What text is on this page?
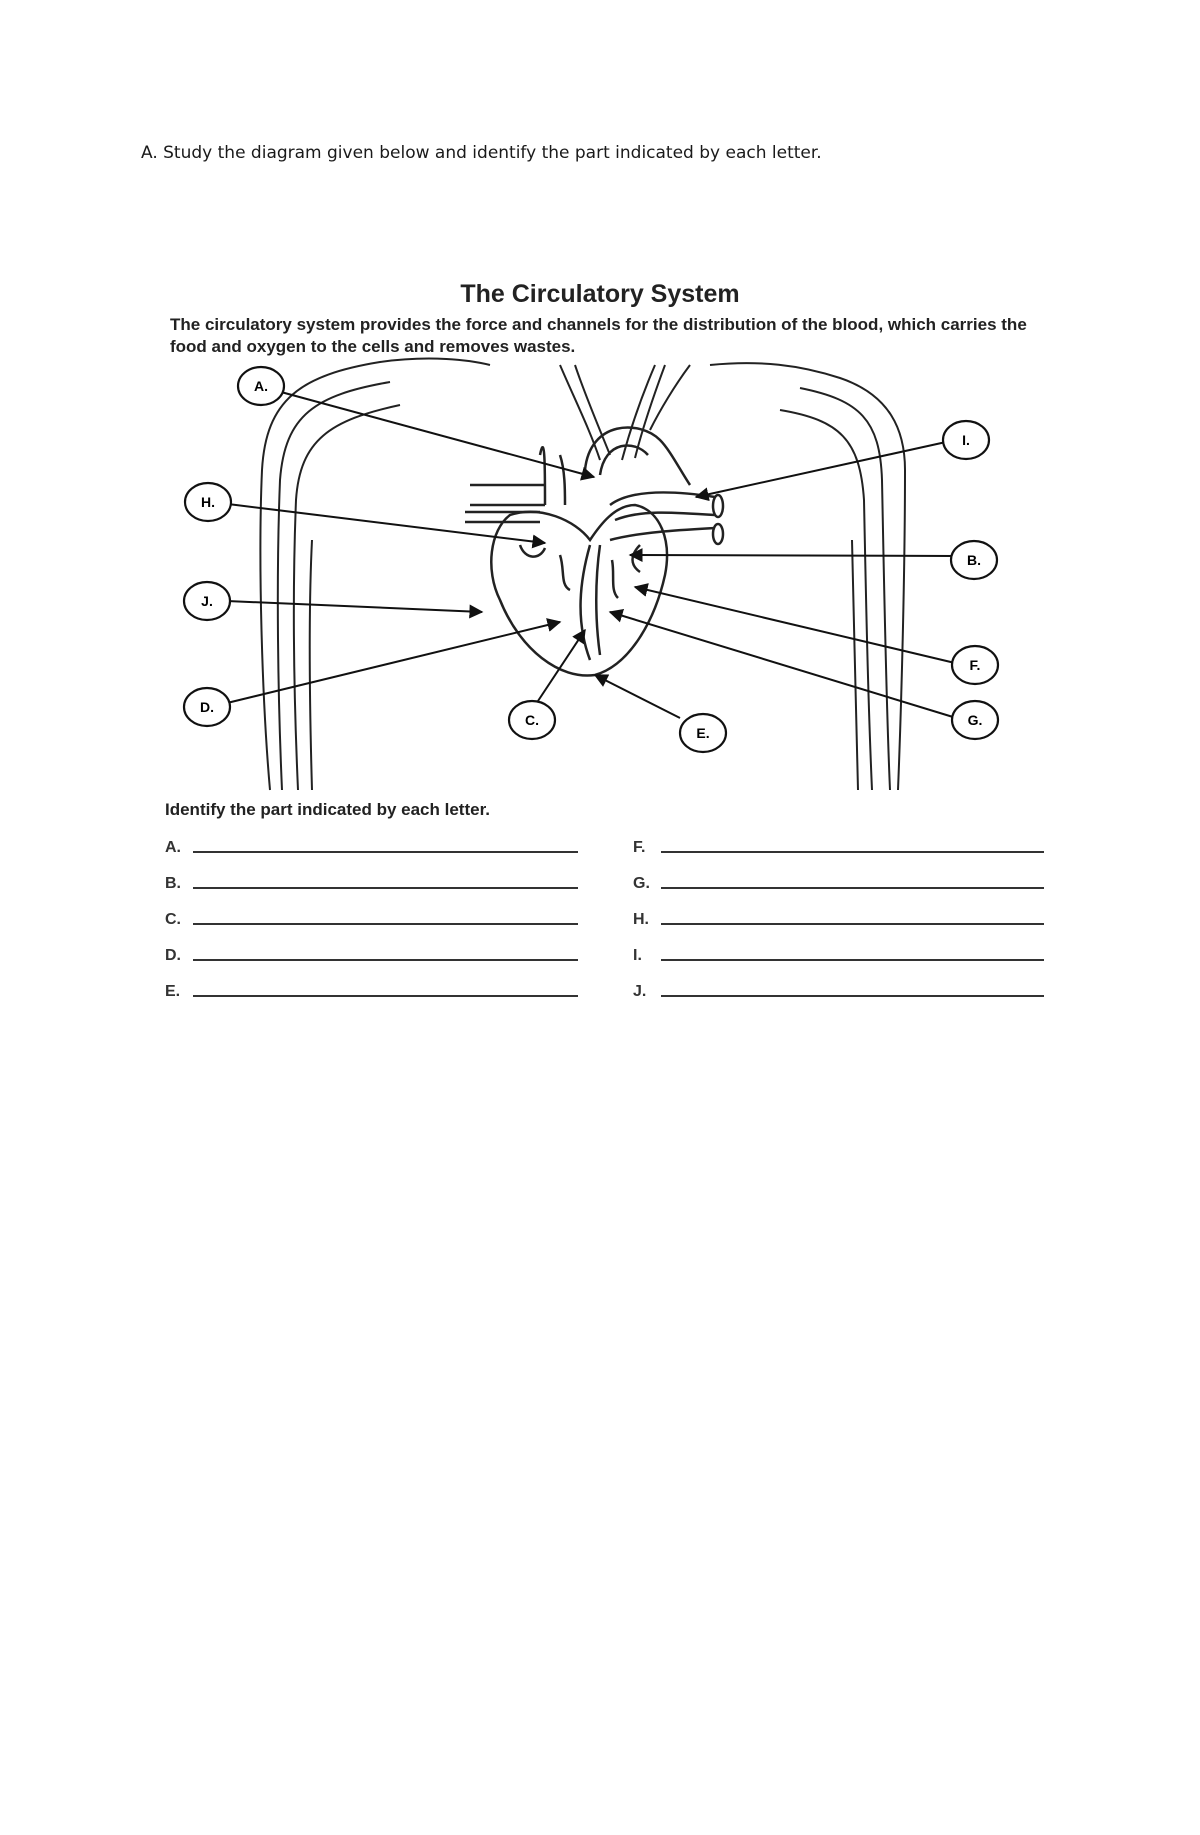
A. Study the diagram given below and identify the part indicated by each letter.
The Circulatory System
The circulatory system provides the force and channels for the distribution of the blood, which carries the food and oxygen to the cells and removes wastes.
A.
I.
H.
B.
J.
F.
G.
D.
C.
E.
Identify the part indicated by each letter.
A.
B.
C.
D.
E.
F.
G.
H.
I.
J.
